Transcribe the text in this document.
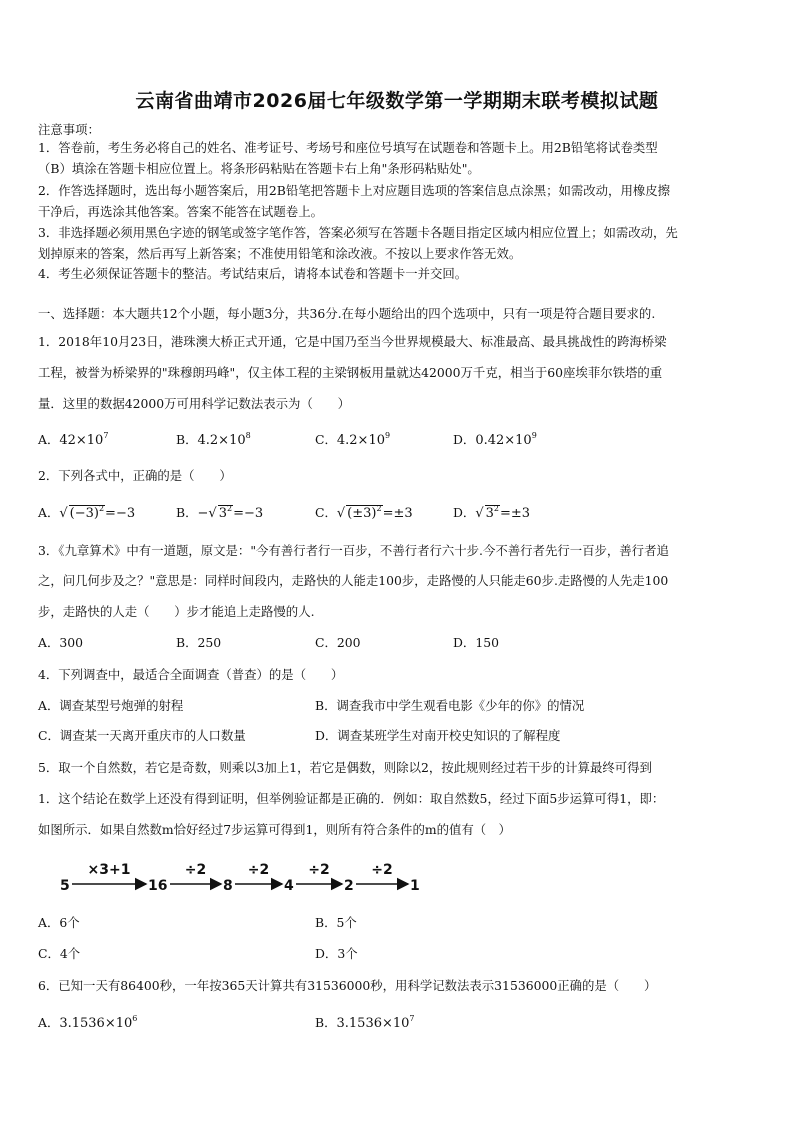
云南省曲靖市2026届七年级数学第一学期期末联考模拟试题
注意事项：
1．答卷前，考生务必将自己的姓名、准考证号、考场号和座位号填写在试题卷和答题卡上。用2B铅笔将试卷类型
（B）填涂在答题卡相应位置上。将条形码粘贴在答题卡右上角"条形码粘贴处"。
2．作答选择题时，选出每小题答案后，用2B铅笔把答题卡上对应题目选项的答案信息点涂黑；如需改动，用橡皮擦
干净后，再选涂其他答案。答案不能答在试题卷上。
3．非选择题必须用黑色字迹的钢笔或签字笔作答，答案必须写在答题卡各题目指定区域内相应位置上；如需改动，先
划掉原来的答案，然后再写上新答案；不准使用铅笔和涂改液。不按以上要求作答无效。
4．考生必须保证答题卡的整洁。考试结束后，请将本试卷和答题卡一并交回。
一、选择题：本大题共12个小题，每小题3分，共36分.在每小题给出的四个选项中，只有一项是符合题目要求的.
1．2018年10月23日，港珠澳大桥正式开通，它是中国乃至当今世界规模最大、标准最高、最具挑战性的跨海桥梁
工程，被誉为桥梁界的"珠穆朗玛峰"，仅主体工程的主梁钢板用量就达42000万千克，相当于60座埃菲尔铁塔的重
量．这里的数据42000万可用科学记数法表示为（　　）
A．$42\times 10^7$	B．$4.2\times 10^8$	C．$4.2\times 10^9$	D．$0.42\times 10^9$
2．下列各式中，正确的是（　　）
A．√ $(-3)^2=-3$	B．−√ $3^2=-3$	C．√ $(\pm 3)^2=\pm 3$	D．√ $3^2=\pm 3$
3．《九章算术》中有一道题，原文是："今有善行者行一百步，不善行者行六十步.今不善行者先行一百步，善行者追
之，问几何步及之？"意思是：同样时间段内，走路快的人能走100步，走路慢的人只能走60步.走路慢的人先走100
步，走路快的人走（　　）步才能追上走路慢的人.
A．300	B．250	C．200	D．150
4．下列调查中，最适合全面调查（普查）的是（　　）
A．调查某型号炮弹的射程	B．调查我市中学生观看电影《少年的你》的情况
C．调查某一天离开重庆市的人口数量	D．调查某班学生对南开校史知识的了解程度
5．取一个自然数，若它是奇数，则乘以3加上1，若它是偶数，则除以2，按此规则经过若干步的计算最终可得到
1．这个结论在数学上还没有得到证明，但举例验证都是正确的．例如：取自然数5，经过下面5步运算可得1，即：
如图所示．如果自然数m恰好经过7步运算可得到1，则所有符合条件的m的值有（　）
5	16	8	4	2	1
×3+1	÷2	÷2	÷2	÷2
A．6个	B．5个
C．4个	D．3个
6．已知一天有86400秒，一年按365天计算共有31536000秒，用科学记数法表示31536000正确的是（　　）
A．$3.1536\times 10^6$	B．$3.1536\times 10^7$
